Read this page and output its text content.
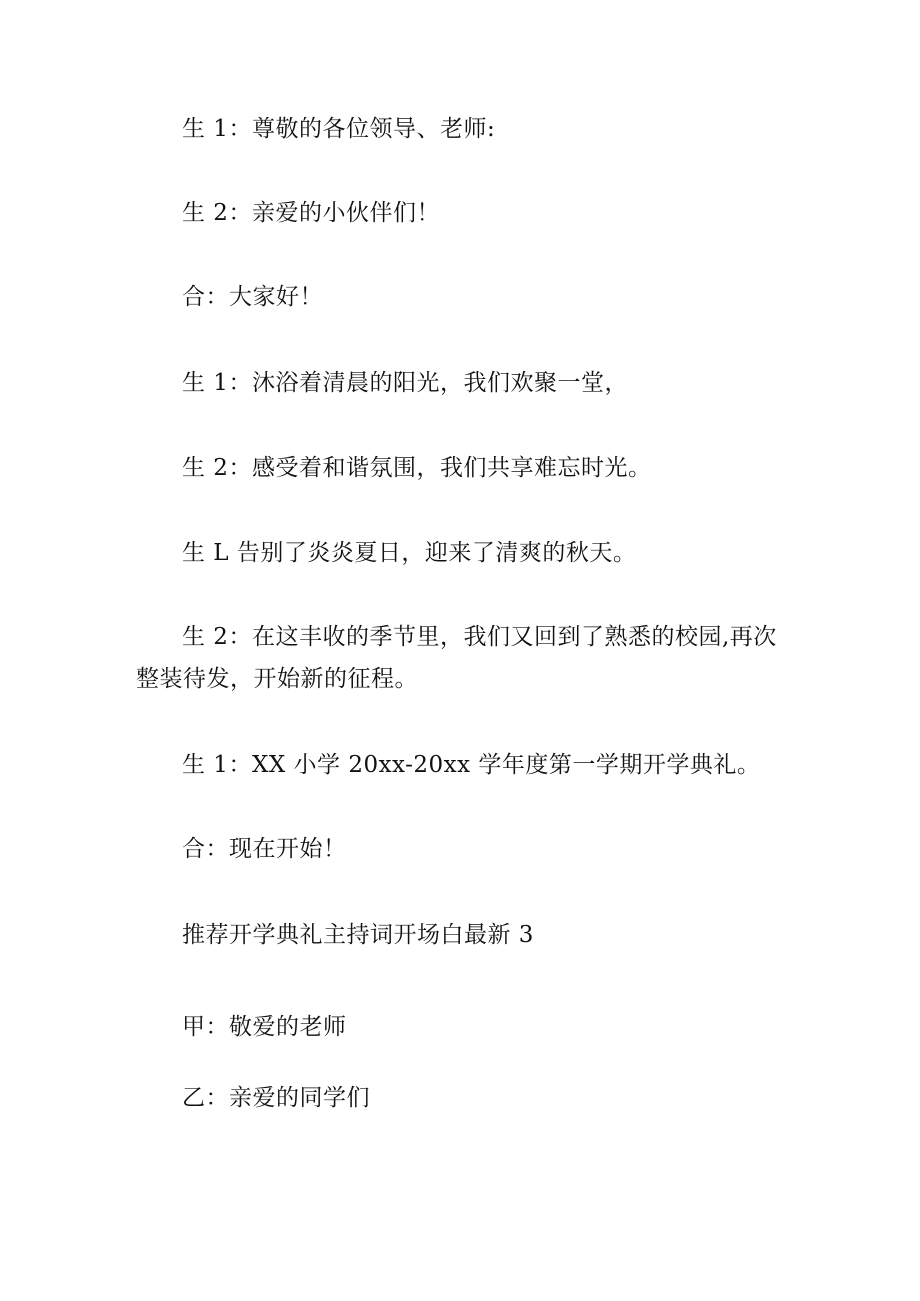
生 1：尊敬的各位领导、老师:
生 2：亲爱的小伙伴们！
合：大家好！
生 1：沐浴着清晨的阳光，我们欢聚一堂，
生 2：感受着和谐氛围，我们共享难忘时光。
生 L 告别了炎炎夏日，迎来了清爽的秋天。
生 2：在这丰收的季节里，我们又回到了熟悉的校园,再次
整装待发，开始新的征程。
生 1：XX 小学 20xx-20xx 学年度第一学期开学典礼。
合：现在开始！
推荐开学典礼主持词开场白最新 3
甲：敬爱的老师
乙：亲爱的同学们
